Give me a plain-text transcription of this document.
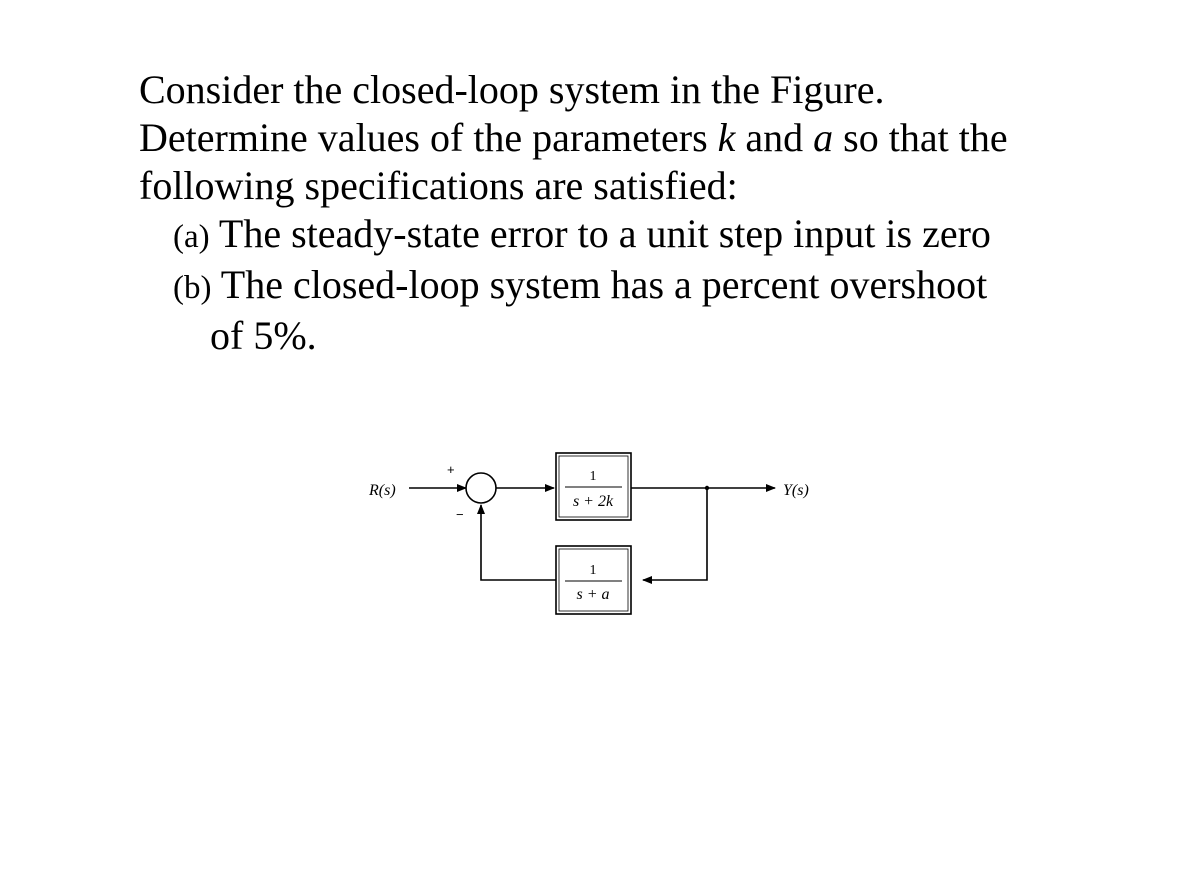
Consider the closed-loop system in the Figure.
Determine values of the parameters k and a so that the
following specifications are satisfied:
(a) The steady-state error to a unit step input is zero
(b) The closed-loop system has a percent overshoot
of 5%.
R(s)
+
−
1
s + 2k
Y(s)
1
s + a
